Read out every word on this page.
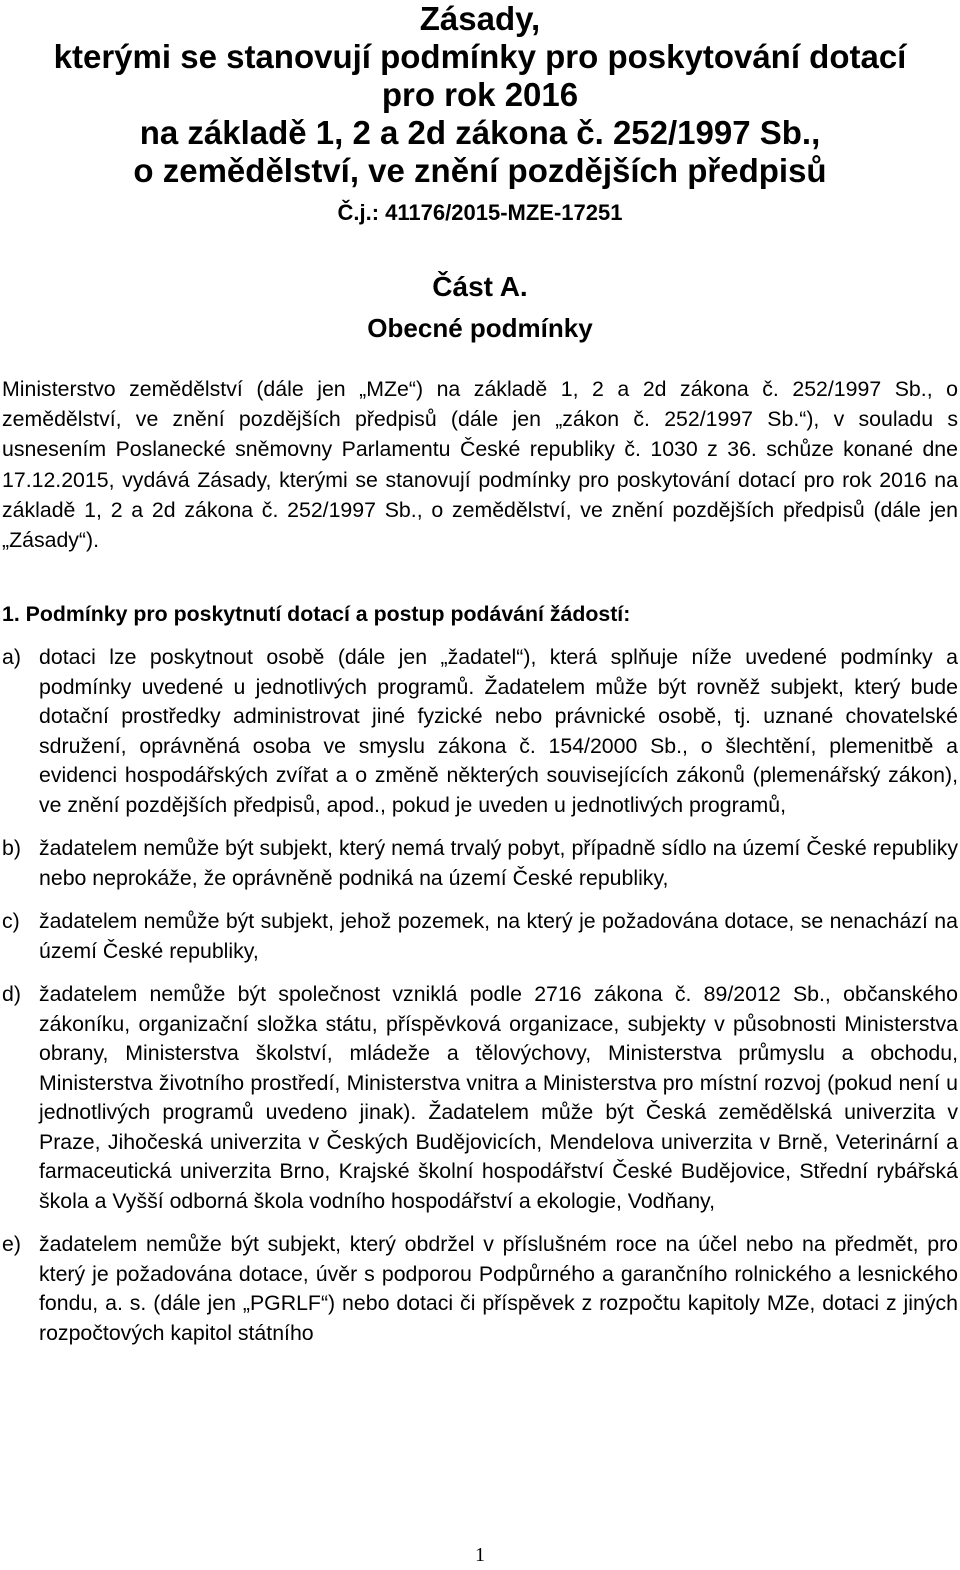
Zásady,
kterými se stanovují podmínky pro poskytování dotací
pro rok 2016
na základě 1, 2 a 2d zákona č. 252/1997 Sb.,
o zemědělství, ve znění pozdějších předpisů
Č.j.: 41176/2015-MZE-17251
Část A.
Obecné podmínky

Ministerstvo zemědělství (dále jen „MZe“) na základě 1, 2 a 2d zákona č. 252/1997 Sb., o zemědělství, ve znění pozdějších předpisů (dále jen „zákon č. 252/1997 Sb.“), v souladu s usnesením Poslanecké sněmovny Parlamentu České republiky č. 1030 z 36. schůze konané dne 17.12.2015, vydává Zásady, kterými se stanovují podmínky pro poskytování dotací pro rok 2016 na základě 1, 2 a 2d zákona č. 252/1997 Sb., o zemědělství, ve znění pozdějších předpisů (dále jen „Zásady“).

1. Podmínky pro poskytnutí dotací a postup podávání žádostí:
a) dotaci lze poskytnout osobě (dále jen „žadatel“), která splňuje níže uvedené podmínky a podmínky uvedené u jednotlivých programů. Žadatelem může být rovněž subjekt, který bude dotační prostředky administrovat jiné fyzické nebo právnické osobě, tj. uznané chovatelské sdružení, oprávněná osoba ve smyslu zákona č. 154/2000 Sb., o šlechtění, plemenitbě a evidenci hospodářských zvířat a o změně některých souvisejících zákonů (plemenářský zákon), ve znění pozdějších předpisů, apod., pokud je uveden u jednotlivých programů,
b) žadatelem nemůže být subjekt, který nemá trvalý pobyt, případně sídlo na území České republiky nebo neprokáže, že oprávněně podniká na území České republiky,
c) žadatelem nemůže být subjekt, jehož pozemek, na který je požadována dotace, se nenachází na území České republiky,
d) žadatelem nemůže být společnost vzniklá podle 2716 zákona č. 89/2012 Sb., občanského zákoníku, organizační složka státu, příspěvková organizace, subjekty v působnosti Ministerstva obrany, Ministerstva školství, mládeže a tělovýchovy, Ministerstva průmyslu a obchodu, Ministerstva životního prostředí, Ministerstva vnitra a Ministerstva pro místní rozvoj (pokud není u jednotlivých programů uvedeno jinak). Žadatelem může být Česká zemědělská univerzita v Praze, Jihočeská univerzita v Českých Budějovicích, Mendelova univerzita v Brně, Veterinární a farmaceutická univerzita Brno, Krajské školní hospodářství České Budějovice, Střední rybářská škola a Vyšší odborná škola vodního hospodářství a ekologie, Vodňany,
e) žadatelem nemůže být subjekt, který obdržel v příslušném roce na účel nebo na předmět, pro který je požadována dotace, úvěr s podporou Podpůrného a garančního rolnického a lesnického fondu, a. s. (dále jen „PGRLF“) nebo dotaci či příspěvek z rozpočtu kapitoly MZe, dotaci z jiných rozpočtových kapitol státního
1
